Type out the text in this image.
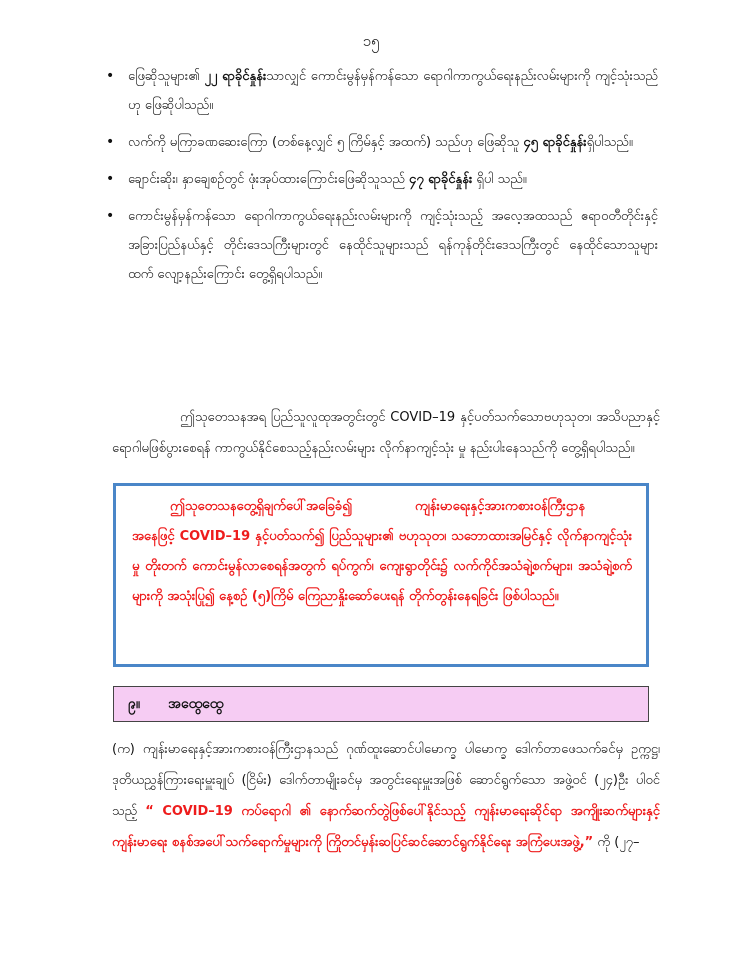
၁၅
• ဖြေဆိုသူများ၏ ၂၂ ရာခိုင်နှုန်းသာလျှင် ကောင်းမွန်မှန်ကန်သော ရောဂါကာကွယ်ရေးနည်းလမ်းများကို ကျင့်သုံးသည်ဟု ဖြေဆိုပါသည်။
• လက်ကို မကြာခဏဆေးကြော (တစ်နေ့လျှင် ၅ ကြိမ်နှင့် အထက်) သည်ဟု ဖြေဆိုသူ ၄၅ ရာခိုင်နှုန်းရှိပါသည်။
• ချောင်းဆိုး၊ နှာချေစဉ်တွင် ဖုံးအုပ်ထားကြောင်းဖြေဆိုသူသည် ၄၇ ရာခိုင်နှုန်း ရှိပါ သည်။
• ကောင်းမွန်မှန်ကန်သော ရောဂါကာကွယ်ရေးနည်းလမ်းများကို ကျင့်သုံးသည့် အလေ့အထသည် ဧရာဝတီတိုင်းနှင့် အခြားပြည်နယ်နှင့် တိုင်းဒေသကြီးများတွင် နေထိုင်သူများသည် ရန်ကုန်တိုင်းဒေသကြီးတွင် နေထိုင်သောသူများထက် လျော့နည်းကြောင်း တွေ့ရှိရပါသည်။

ဤသုတေသနအရ ပြည်သူလူထုအတွင်းတွင် COVID–19 နှင့်ပတ်သက်သောဗဟုသုတ၊ အသိပညာနှင့် ရောဂါမဖြစ်ပွားစေရန် ကာကွယ်နိုင်စေသည့်နည်းလမ်းများ လိုက်နာကျင့်သုံး မှု နည်းပါးနေသည်ကို တွေ့ရှိရပါသည်။

ဤသုတေသနတွေ့ရှိချက်ပေါ်အခြေခံ၍	ကျန်းမာရေးနှင့်အားကစားဝန်ကြီးဌာန
အနေဖြင့် COVID–19 နှင့်ပတ်သက်၍ ပြည်သူများ၏ ဗဟုသုတ၊ သဘောထားအမြင်နှင့် လိုက်နာကျင့်သုံးမှု တိုးတက် ကောင်းမွန်လာစေရန်အတွက် ရပ်ကွက်၊ ကျေးရွာတိုင်း၌ လက်ကိုင်အသံချဲ့စက်များ၊ အသံချဲ့စက်များကို အသုံးပြု၍ နေ့စဉ် (၅)ကြိမ် ကြေညာနှိုးဆော်ပေးရန် တိုက်တွန်းနေရခြင်း ဖြစ်ပါသည်။
၉။ အထွေထွေ

(က) ကျန်းမာရေးနှင့်အားကစားဝန်ကြီးဌာနသည် ဂုဏ်ထူးဆောင်ပါမောက္ခ ပါမောက္ခ ဒေါက်တာဖေသက်ခင်မှ ဥက္ကဋ္ဌ၊ ဒုတိယညွှန်ကြားရေးမှူးချုပ် (ငြိမ်း) ဒေါက်တာမျိုးခင်မှ အတွင်းရေးမှူးအဖြစ် ဆောင်ရွက်သော အဖွဲ့ဝင် (၂၄)ဦး ပါဝင်သည့် “ COVID–19 ကပ်ရောဂါ ၏ နောက်ဆက်တွဲဖြစ်ပေါ်နိုင်သည့် ကျန်းမာရေးဆိုင်ရာ အကျိုးဆက်များနှင့် ကျန်းမာရေး စနစ်အပေါ်သက်ရောက်မှုများကို ကြိုတင်မှန်းဆပြင်ဆင်ဆောင်ရွက်နိုင်ရေး အကြံပေးအဖွဲ့,” ကို (၂၇–
